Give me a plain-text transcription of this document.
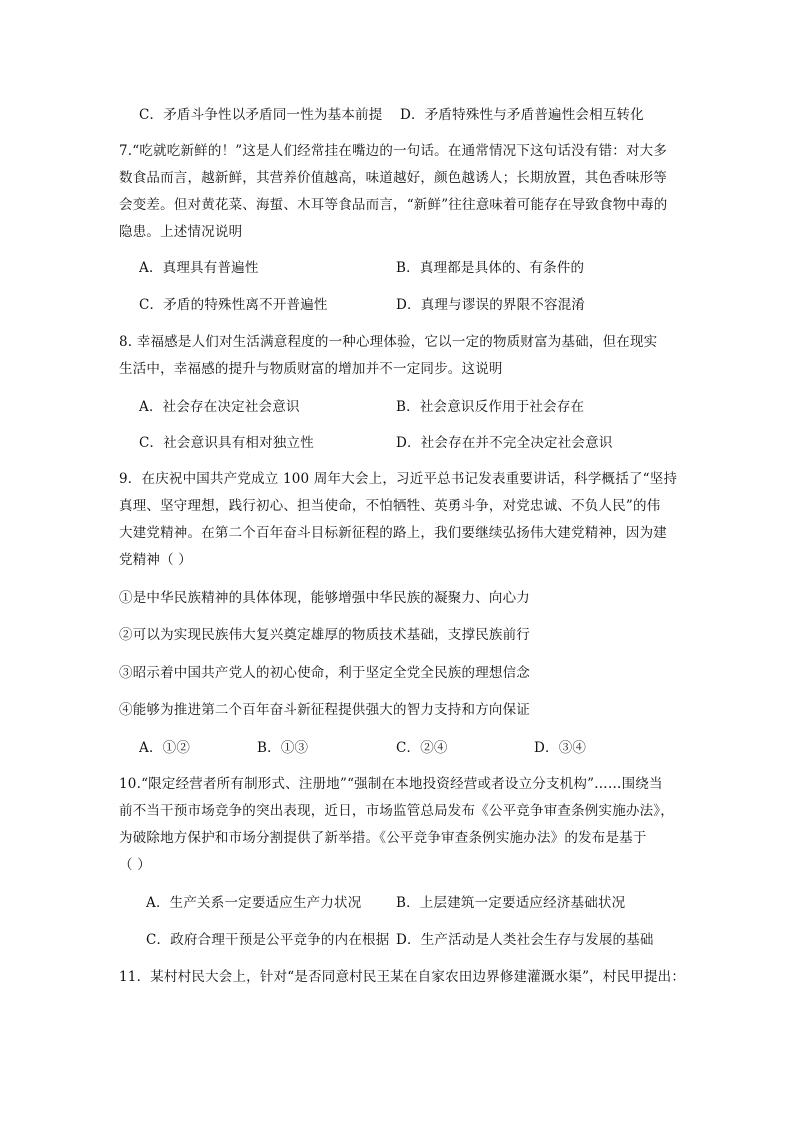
C．矛盾斗争性以矛盾同一性为基本前提 D．矛盾特殊性与矛盾普遍性会相互转化
7.“吃就吃新鲜的！”这是人们经常挂在嘴边的一句话。在通常情况下这句话没有错：对大多
数食品而言，越新鲜，其营养价值越高，味道越好，颜色越诱人；长期放置，其色香味形等
会变差。但对黄花菜、海蜇、木耳等食品而言，“新鲜”往往意味着可能存在导致食物中毒的
隐患。上述情况说明
A．真理具有普遍性	B．真理都是具体的、有条件的
C．矛盾的特殊性离不开普遍性	D．真理与谬误的界限不容混淆
8. 幸福感是人们对生活满意程度的一种心理体验，它以一定的物质财富为基础，但在现实
生活中，幸福感的提升与物质财富的增加并不一定同步。这说明
A．社会存在决定社会意识	B．社会意识反作用于社会存在
C．社会意识具有相对独立性	D．社会存在并不完全决定社会意识
9．在庆祝中国共产党成立 100 周年大会上，习近平总书记发表重要讲话，科学概括了“坚持
真理、坚守理想，践行初心、担当使命，不怕牺牲、英勇斗争，对党忠诚、不负人民”的伟
大建党精神。在第二个百年奋斗目标新征程的路上，我们要继续弘扬伟大建党精神，因为建
党精神（ ）
①是中华民族精神的具体体现，能够增强中华民族的凝聚力、向心力
②可以为实现民族伟大复兴奠定雄厚的物质技术基础，支撑民族前行
③昭示着中国共产党人的初心使命，利于坚定全党全民族的理想信念
④能够为推进第二个百年奋斗新征程提供强大的智力支持和方向保证
A．①②	B．①③	C．②④	D．③④
10.“限定经营者所有制形式、注册地”“强制在本地投资经营或者设立分支机构”……围绕当
前不当干预市场竞争的突出表现，近日，市场监管总局发布《公平竞争审查条例实施办法》，
为破除地方保护和市场分割提供了新举措。《公平竞争审查条例实施办法》的发布是基于
（ ）
A．生产关系一定要适应生产力状况	B．上层建筑一定要适应经济基础状况
C．政府合理干预是公平竞争的内在根据 D．生产活动是人类社会生存与发展的基础
11．某村村民大会上，针对“是否同意村民王某在自家农田边界修建灌溉水渠”，村民甲提出：
